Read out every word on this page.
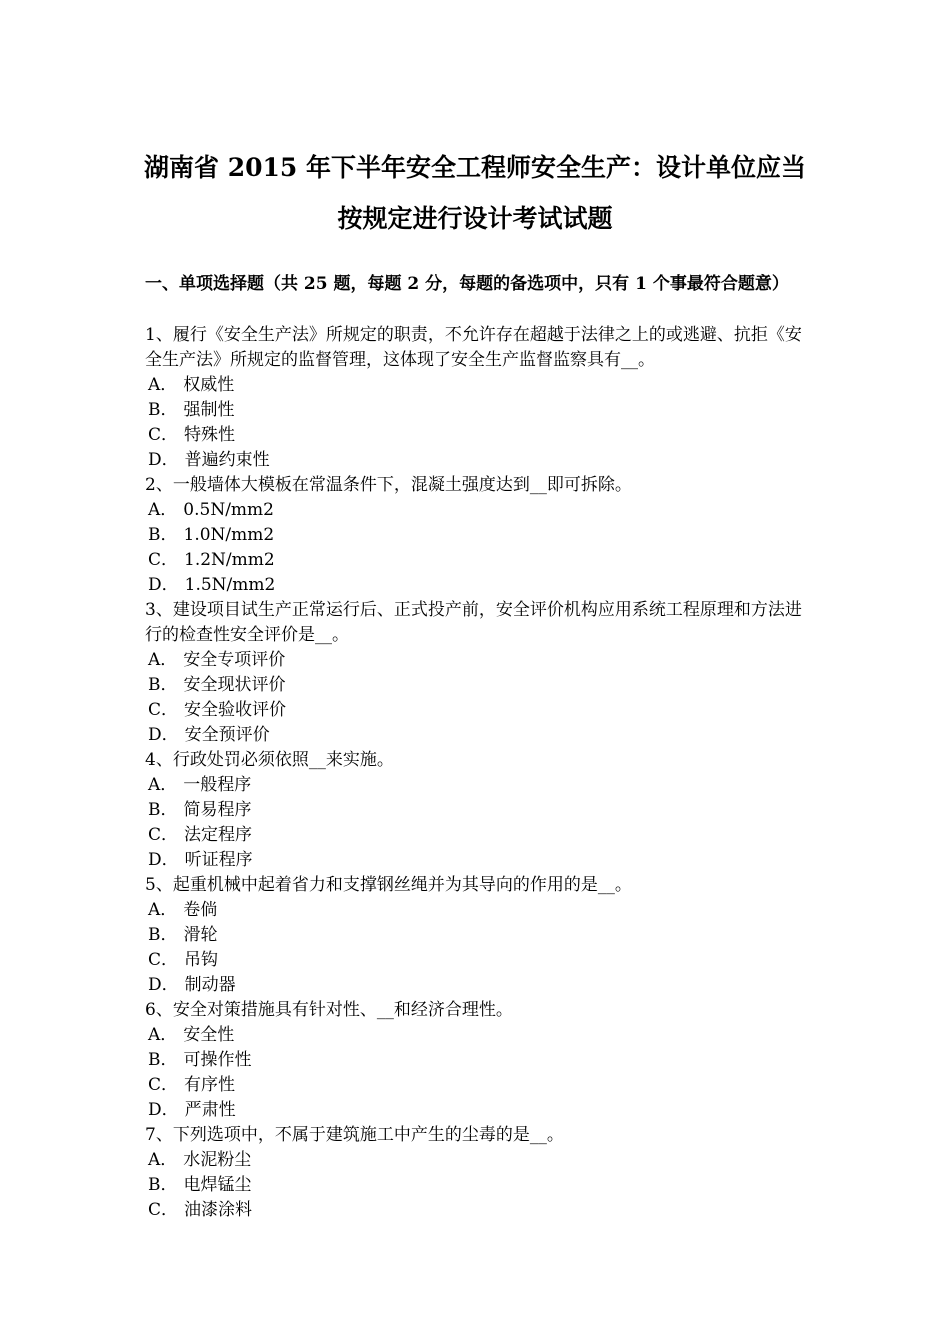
湖南省 2015 年下半年安全工程师安全生产：设计单位应当
按规定进行设计考试试题
一、单项选择题（共 25 题，每题 2 分，每题的备选项中，只有 1 个事最符合题意）
1、履行《安全生产法》所规定的职责，不允许存在超越于法律之上的或逃避、抗拒《安全生产法》所规定的监督管理，这体现了安全生产监督监察具有__。
A． 权威性
B． 强制性
C． 特殊性
D． 普遍约束性
2、一般墙体大模板在常温条件下，混凝土强度达到__即可拆除。
A． 0.5N/mm2
B． 1.0N/mm2
C． 1.2N/mm2
D． 1.5N/mm2
3、建设项目试生产正常运行后、正式投产前，安全评价机构应用系统工程原理和方法进行的检查性安全评价是__。
A． 安全专项评价
B． 安全现状评价
C． 安全验收评价
D． 安全预评价
4、行政处罚必须依照__来实施。
A． 一般程序
B． 简易程序
C． 法定程序
D． 听证程序
5、起重机械中起着省力和支撑钢丝绳并为其导向的作用的是__。
A． 卷倘
B． 滑轮
C． 吊钩
D． 制动器
6、安全对策措施具有针对性、__和经济合理性。
A． 安全性
B． 可操作性
C． 有序性
D． 严肃性
7、下列选项中，不属于建筑施工中产生的尘毒的是__。
A． 水泥粉尘
B． 电焊锰尘
C． 油漆涂料
